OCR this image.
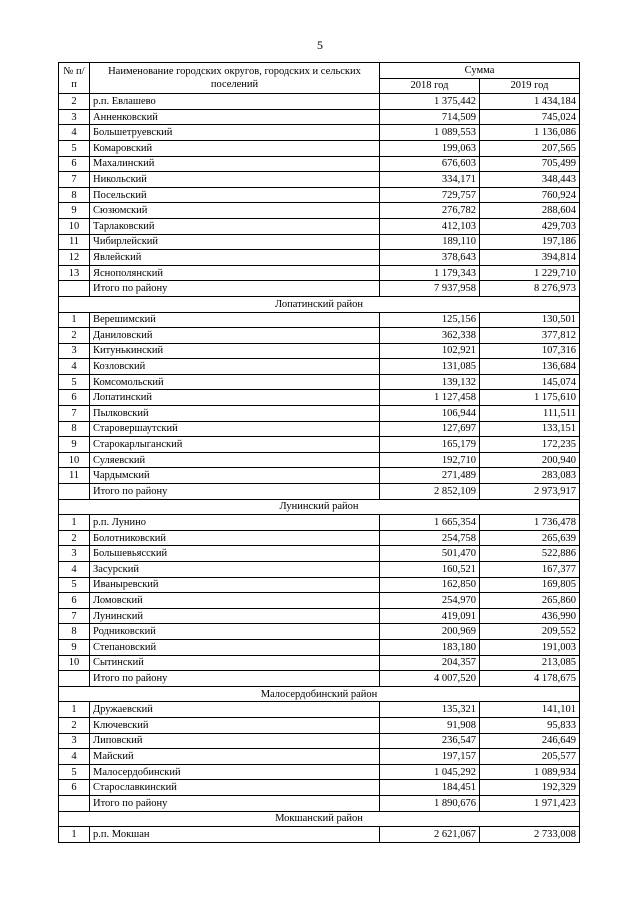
5
№ п/п	Наименование городских округов, городских и сельских поселений	Сумма	
		2018 год	2019 год
2	р.п. Евлашево	1 375,442	1 434,184
3	Анненковский	714,509	745,024
4	Большетруевский	1 089,553	1 136,086
5	Комаровский	199,063	207,565
6	Махалинский	676,603	705,499
7	Никольский	334,171	348,443
8	Посельский	729,757	760,924
9	Сюзюмский	276,782	288,604
10	Тарлаковский	412,103	429,703
11	Чибирлейский	189,110	197,186
12	Явлейский	378,643	394,814
13	Яснополянский	1 179,343	1 229,710
	Итого по району	7 937,958	8 276,973
Лопатинский район			
1	Верешимский	125,156	130,501
2	Даниловский	362,338	377,812
3	Китунькинский	102,921	107,316
4	Козловский	131,085	136,684
5	Комсомольский	139,132	145,074
6	Лопатинский	1 127,458	1 175,610
7	Пылковский	106,944	111,511
8	Старовершаутский	127,697	133,151
9	Старокарлыганский	165,179	172,235
10	Суляевский	192,710	200,940
11	Чардымский	271,489	283,083
	Итого по району	2 852,109	2 973,917
Лунинский район			
1	р.п. Лунино	1 665,354	1 736,478
2	Болотниковский	254,758	265,639
3	Большевьясский	501,470	522,886
4	Засурский	160,521	167,377
5	Иваныревский	162,850	169,805
6	Ломовский	254,970	265,860
7	Лунинский	419,091	436,990
8	Родниковский	200,969	209,552
9	Степановский	183,180	191,003
10	Сытинский	204,357	213,085
	Итого по району	4 007,520	4 178,675
Малосердобинский район			
1	Дружаевский	135,321	141,101
2	Ключевский	91,908	95,833
3	Липовский	236,547	246,649
4	Майский	197,157	205,577
5	Малосердобинский	1 045,292	1 089,934
6	Старославкинский	184,451	192,329
	Итого по району	1 890,676	1 971,423
Мокшанский район			
1	р.п. Мокшан	2 621,067	2 733,008
